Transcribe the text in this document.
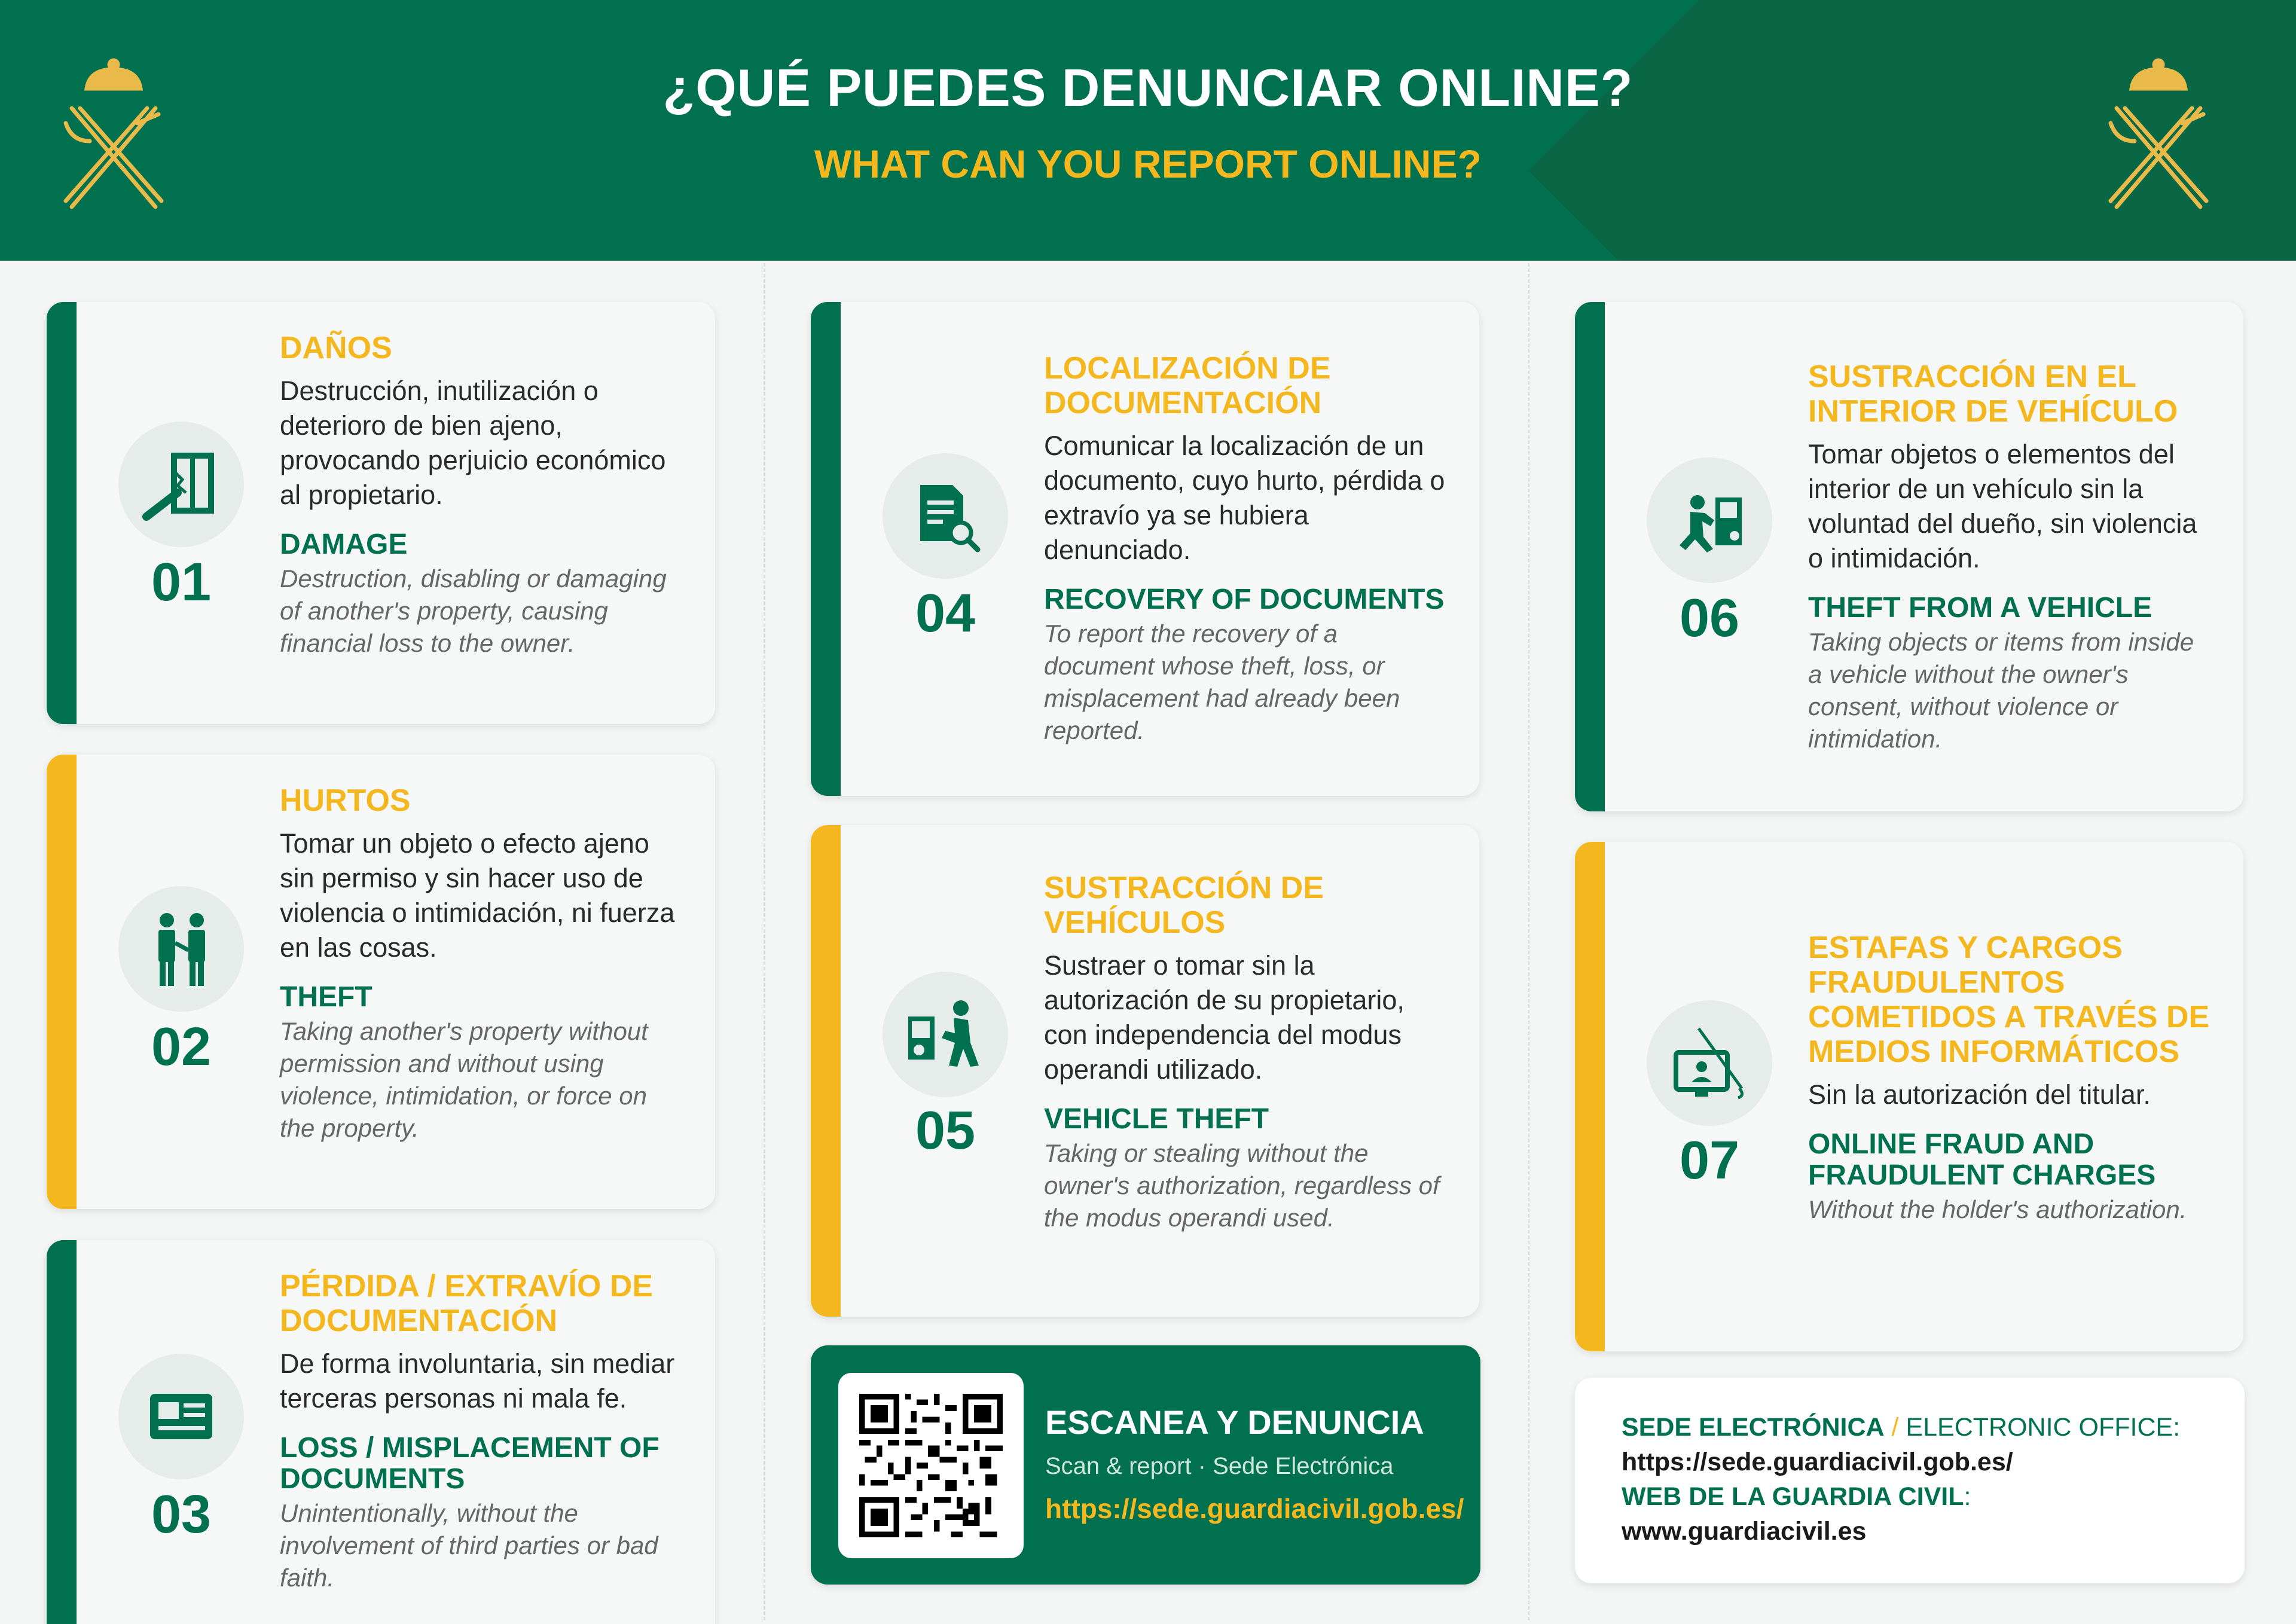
¿QUÉ PUEDES DENUNCIAR ONLINE?
WHAT CAN YOU REPORT ONLINE?
01
DAÑOS
Destrucción, inutilización o deterioro de bien ajeno, provocando perjuicio económico al propietario.
DAMAGE
Destruction, disabling or damaging of another's property, causing financial loss to the owner.
02
HURTOS
Tomar un objeto o efecto ajeno sin permiso y sin hacer uso de violencia o intimidación, ni fuerza en las cosas.
THEFT
Taking another's property without permission and without using violence, intimidation, or force on the property.
03
PÉRDIDA / EXTRAVÍO DE DOCUMENTACIÓN
De forma involuntaria, sin mediar terceras personas ni mala fe.
LOSS / MISPLACEMENT OF DOCUMENTS
Unintentionally, without the involvement of third parties or bad faith.
04
LOCALIZACIÓN DE DOCUMENTACIÓN
Comunicar la localización de un documento, cuyo hurto, pérdida o extravío ya se hubiera denunciado.
RECOVERY OF DOCUMENTS
To report the recovery of a document whose theft, loss, or misplacement had already been reported.
05
SUSTRACCIÓN DE VEHÍCULOS
Sustraer o tomar sin la autorización de su propietario, con independencia del modus operandi utilizado.
VEHICLE THEFT
Taking or stealing without the owner's authorization, regardless of the modus operandi used.
06
SUSTRACCIÓN EN EL INTERIOR DE VEHÍCULO
Tomar objetos o elementos del interior de un vehículo sin la voluntad del dueño, sin violencia o intimidación.
THEFT FROM A VEHICLE
Taking objects or items from inside a vehicle without the owner's consent, without violence or intimidation.
07
ESTAFAS Y CARGOS FRAUDULENTOS COMETIDOS A TRAVÉS DE MEDIOS INFORMÁTICOS
Sin la autorización del titular.
ONLINE FRAUD AND FRAUDULENT CHARGES
Without the holder's authorization.
ESCANEA Y DENUNCIA
Scan & report · Sede Electrónica
https://sede.guardiacivil.gob.es/
SEDE ELECTRÓNICA / ELECTRONIC OFFICE:
https://sede.guardiacivil.gob.es/
WEB DE LA GUARDIA CIVIL:
www.guardiacivil.es
